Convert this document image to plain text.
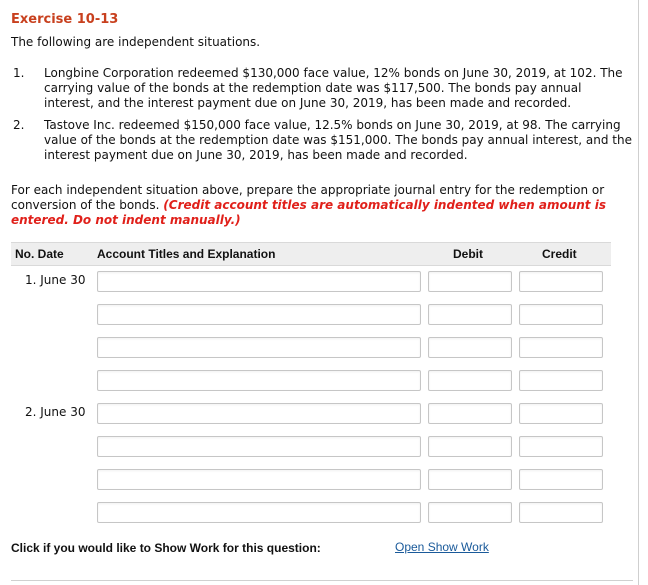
Exercise 10-13
The following are independent situations.
1. Longbine Corporation redeemed $130,000 face value, 12% bonds on June 30, 2019, at 102. The carrying value of the bonds at the redemption date was $117,500. The bonds pay annual interest, and the interest payment due on June 30, 2019, has been made and recorded.
2. Tastove Inc. redeemed $150,000 face value, 12.5% bonds on June 30, 2019, at 98. The carrying value of the bonds at the redemption date was $151,000. The bonds pay annual interest, and the interest payment due on June 30, 2019, has been made and recorded.
For each independent situation above, prepare the appropriate journal entry for the redemption or conversion of the bonds. (Credit account titles are automatically indented when amount is entered. Do not indent manually.)
No. Date	Account Titles and Explanation	Debit	Credit
1. June 30
2. June 30
Click if you would like to Show Work for this question:	Open Show Work
